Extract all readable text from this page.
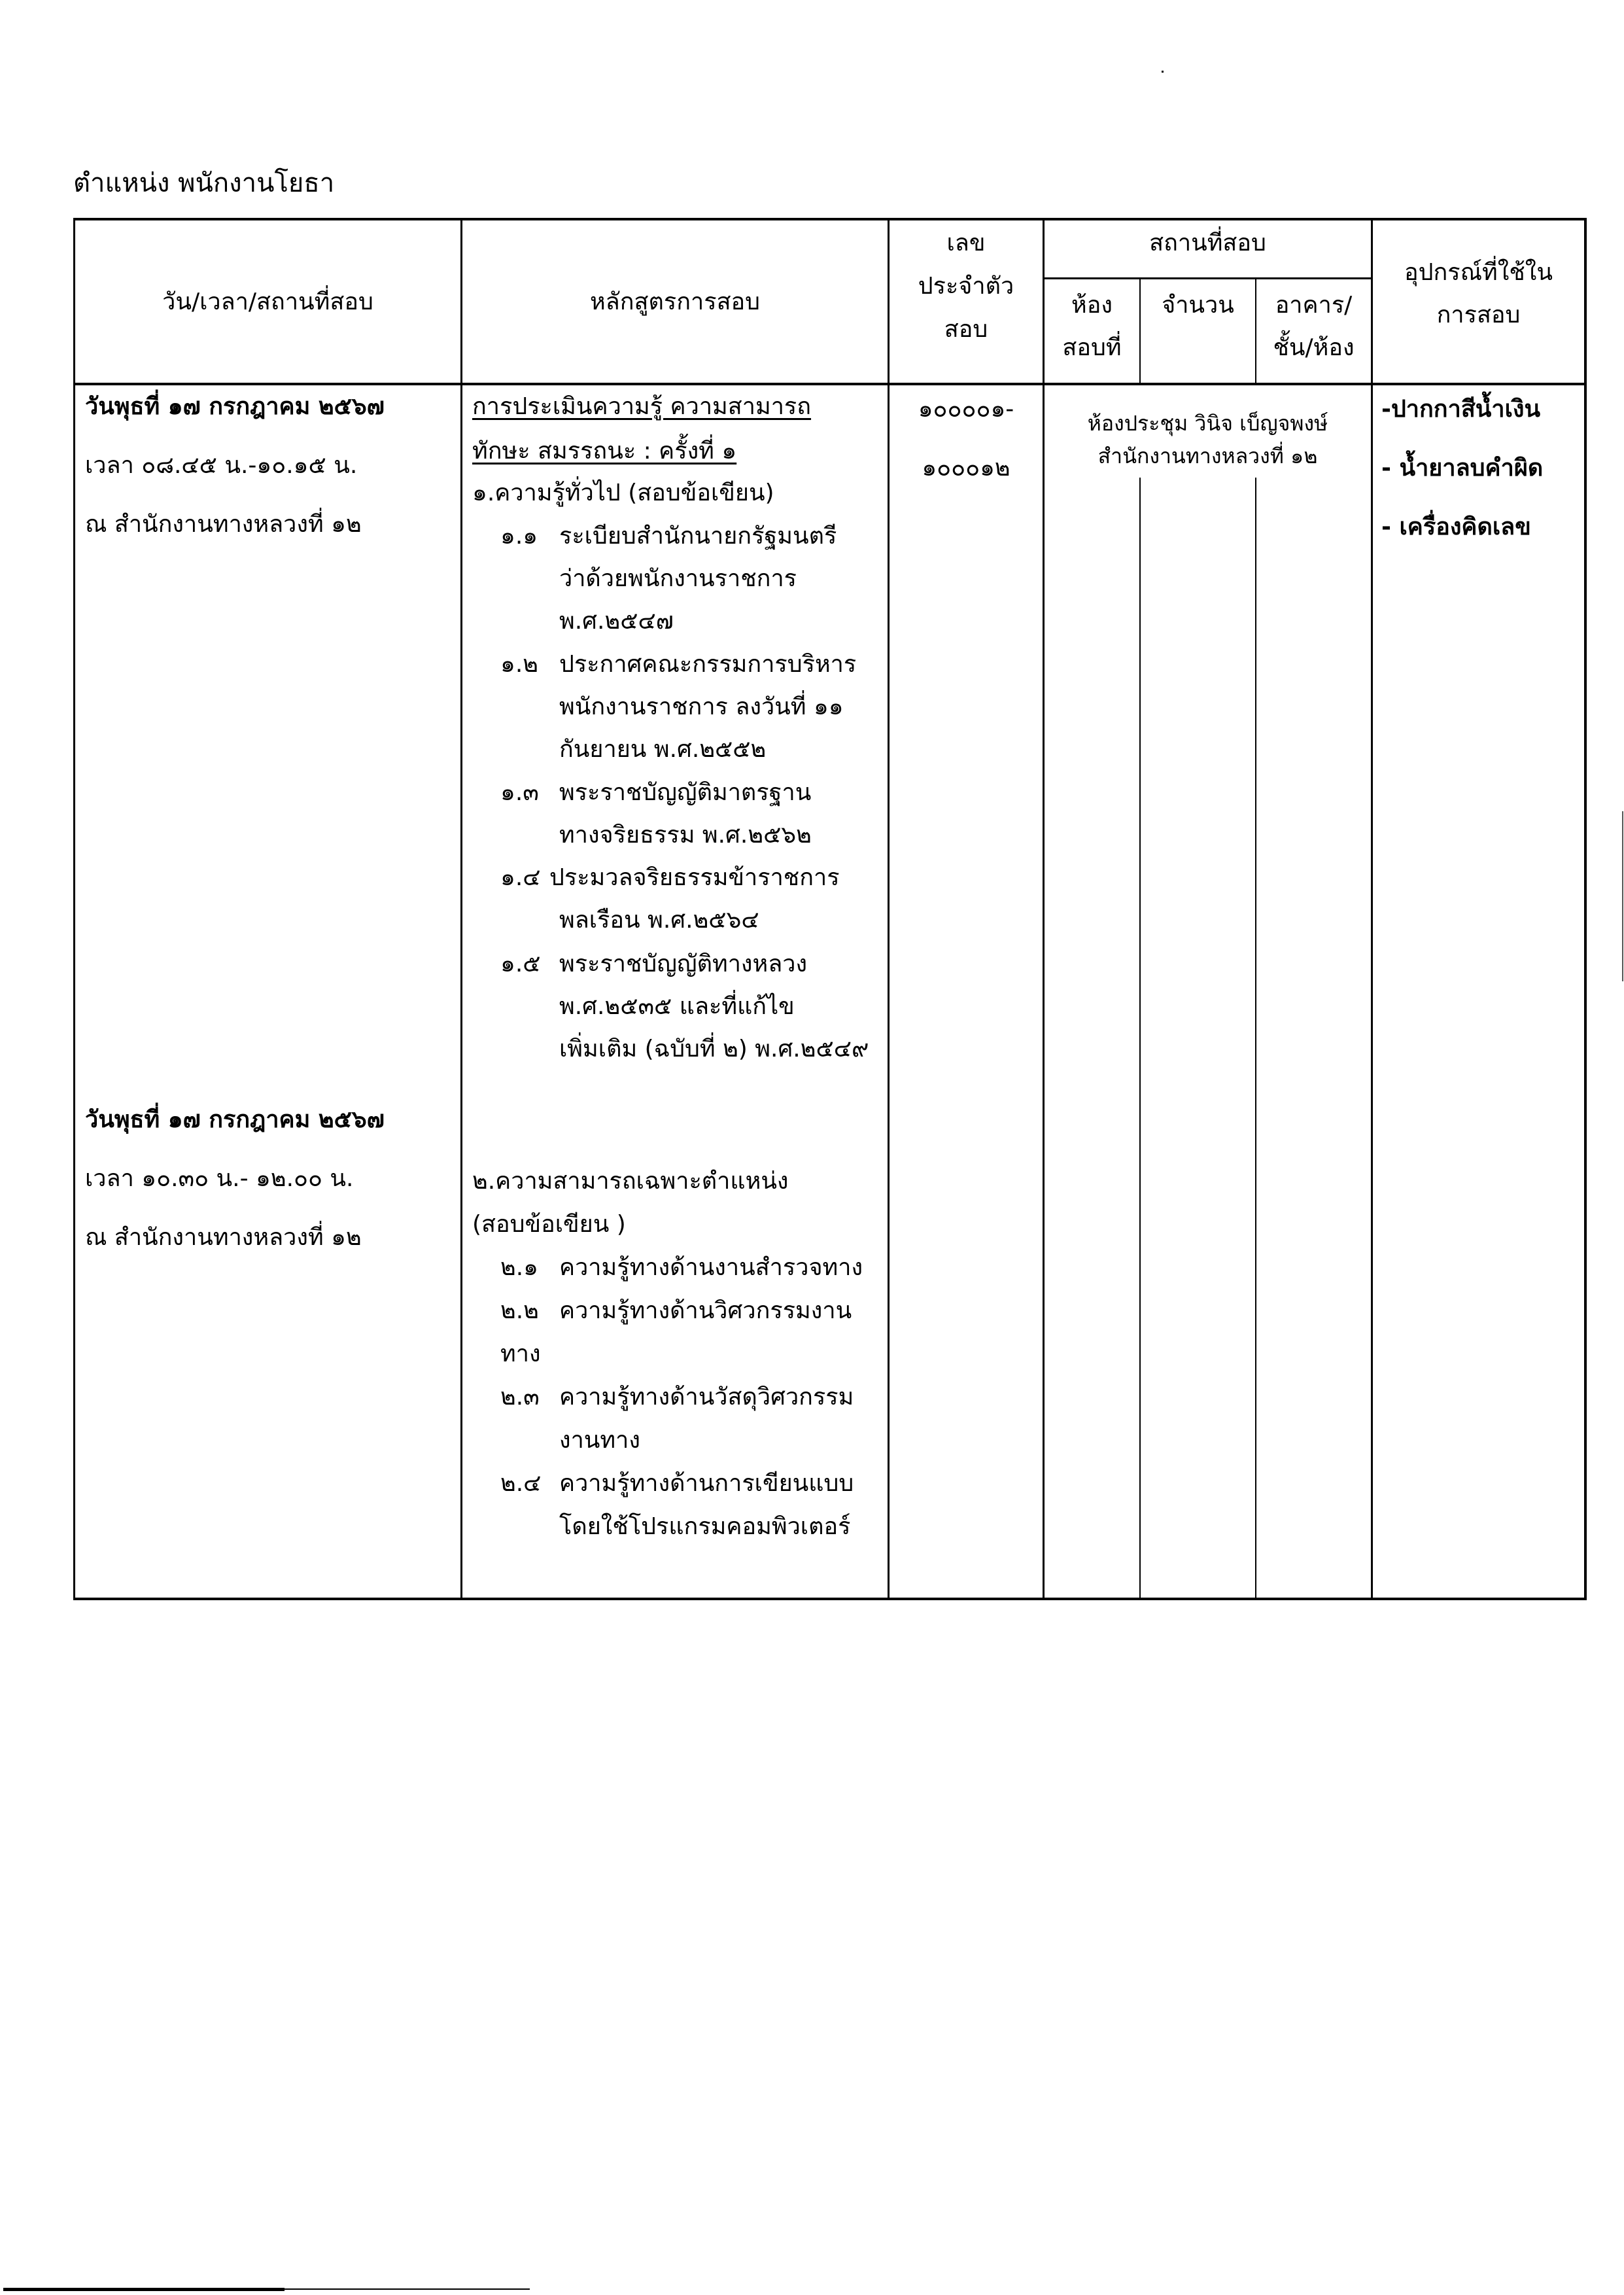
ตำแหน่ง พนักงานโยธา
วัน/เวลา/สถานที่สอบ	หลักสูตรการสอบ
เลข
ประจำตัว
สอบ
สถานที่สอบ
ห้อง
สอบที่
จำนวน	อาคาร/
ชั้น/ห้อง
อุปกรณ์ที่ใช้ใน
การสอบ
วันพุธที่ ๑๗ กรกฎาคม ๒๕๖๗
เวลา ๐๘.๔๕ น.-๑๐.๑๕ น.
ณ สำนักงานทางหลวงที่ ๑๒
วันพุธที่ ๑๗ กรกฎาคม ๒๕๖๗
เวลา ๑๐.๓๐ น.- ๑๒.๐๐ น.
ณ สำนักงานทางหลวงที่ ๑๒
การประเมินความรู้ ความสามารถ
ทักษะ สมรรถนะ : ครั้งที่ ๑
๑.ความรู้ทั่วไป (สอบข้อเขียน)
๑.๑ ระเบียบสำนักนายกรัฐมนตรี
ว่าด้วยพนักงานราชการ
พ.ศ.๒๕๔๗
๑.๒ ประกาศคณะกรรมการบริหาร
พนักงานราชการ ลงวันที่ ๑๑
กันยายน พ.ศ.๒๕๕๒
๑.๓ พระราชบัญญัติมาตรฐาน
ทางจริยธรรม พ.ศ.๒๕๖๒
๑.๔ ประมวลจริยธรรมข้าราชการ
พลเรือน พ.ศ.๒๕๖๔
๑.๕ พระราชบัญญัติทางหลวง
พ.ศ.๒๕๓๕ และที่แก้ไข
เพิ่มเติม (ฉบับที่ ๒) พ.ศ.๒๕๔๙
๒.ความสามารถเฉพาะตำแหน่ง
(สอบข้อเขียน )
๒.๑ ความรู้ทางด้านงานสำรวจทาง
๒.๒ ความรู้ทางด้านวิศวกรรมงาน
ทาง
๒.๓ ความรู้ทางด้านวัสดุวิศวกรรม
งานทาง
๒.๔ ความรู้ทางด้านการเขียนแบบ
โดยใช้โปรแกรมคอมพิวเตอร์
๑๐๐๐๐๑-
๑๐๐๐๑๒
ห้องประชุม วินิจ เบ็ญจพงษ์
สำนักงานทางหลวงที่ ๑๒
-ปากกาสีน้ำเงิน
- น้ำยาลบคำผิด
- เครื่องคิดเลข
